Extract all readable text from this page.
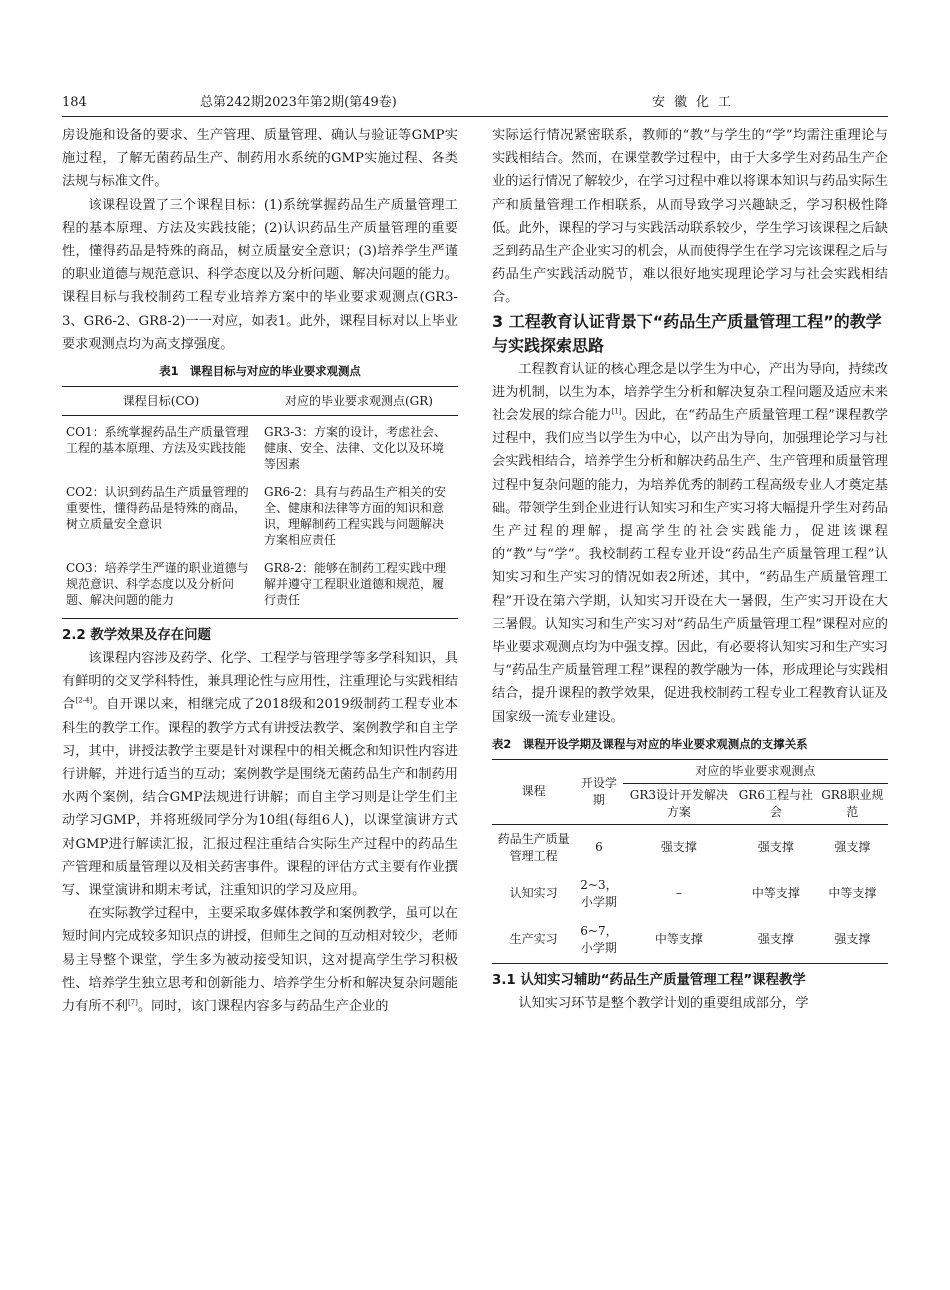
184	总第242期2023年第2期(第49卷)	安徽化工

房设施和设备的要求、生产管理、质量管理、确认与验证等GMP实施过程，了解无菌药品生产、制药用水系统的GMP实施过程、各类法规与标准文件。

该课程设置了三个课程目标：(1)系统掌握药品生产质量管理工程的基本原理、方法及实践技能；(2)认识药品生产质量管理的重要性，懂得药品是特殊的商品，树立质量安全意识；(3)培养学生严谨的职业道德与规范意识、科学态度以及分析问题、解决问题的能力。课程目标与我校制药工程专业培养方案中的毕业要求观测点(GR3-3、GR6-2、GR8-2)一一对应，如表1。此外，课程目标对以上毕业要求观测点均为高支撑强度。

表1　课程目标与对应的毕业要求观测点
课程目标(CO)	对应的毕业要求观测点(GR)
CO1：系统掌握药品生产质量管理工程的基本原理、方法及实践技能	GR3-3：方案的设计，考虑社会、健康、安全、法律、文化以及环境等因素
CO2：认识到药品生产质量管理的重要性，懂得药品是特殊的商品，树立质量安全意识	GR6-2：具有与药品生产相关的安全、健康和法律等方面的知识和意识，理解制药工程实践与问题解决方案相应责任
CO3：培养学生严谨的职业道德与规范意识、科学态度以及分析问题、解决问题的能力	GR8-2：能够在制药工程实践中理解并遵守工程职业道德和规范，履行责任
2.2 教学效果及存在问题

该课程内容涉及药学、化学、工程学与管理学等多学科知识，具有鲜明的交叉学科特性，兼具理论性与应用性，注重理论与实践相结合[2-4]。自开课以来，相继完成了2018级和2019级制药工程专业本科生的教学工作。课程的教学方式有讲授法教学、案例教学和自主学习，其中，讲授法教学主要是针对课程中的相关概念和知识性内容进行讲解，并进行适当的互动；案例教学是围绕无菌药品生产和制药用水两个案例，结合GMP法规进行讲解；而自主学习则是让学生们主动学习GMP，并将班级同学分为10组(每组6人)，以课堂演讲方式对GMP进行解读汇报，汇报过程注重结合实际生产过程中的药品生产管理和质量管理以及相关药害事件。课程的评估方式主要有作业撰写、课堂演讲和期末考试，注重知识的学习及应用。

在实际教学过程中，主要采取多媒体教学和案例教学，虽可以在短时间内完成较多知识点的讲授，但师生之间的互动相对较少，老师易主导整个课堂，学生多为被动接受知识，这对提高学生学习积极性、培养学生独立思考和创新能力、培养学生分析和解决复杂问题能力有所不利[7]。同时，该门课程内容多与药品生产企业的

实际运行情况紧密联系，教师的“教”与学生的“学”均需注重理论与实践相结合。然而，在课堂教学过程中，由于大多学生对药品生产企业的运行情况了解较少，在学习过程中难以将课本知识与药品实际生产和质量管理工作相联系，从而导致学习兴趣缺乏，学习积极性降低。此外，课程的学习与实践活动联系较少，学生学习该课程之后缺乏到药品生产企业实习的机会，从而使得学生在学习完该课程之后与药品生产实践活动脱节，难以很好地实现理论学习与社会实践相结合。

3 工程教育认证背景下“药品生产质量管理工程”的教学与实践探索思路

工程教育认证的核心理念是以学生为中心，产出为导向，持续改进为机制，以生为本，培养学生分析和解决复杂工程问题及适应未来社会发展的综合能力[1]。因此，在“药品生产质量管理工程”课程教学过程中，我们应当以学生为中心，以产出为导向，加强理论学习与社会实践相结合，培养学生分析和解决药品生产、生产管理和质量管理过程中复杂问题的能力，为培养优秀的制药工程高级专业人才奠定基础。带领学生到企业进行认知实习和生产实习将大幅提升学生对药品生产过程的理解，提高学生的社会实践能力，促进该课程的“教”与“学”。我校制药工程专业开设“药品生产质量管理工程”认知实习和生产实习的情况如表2所述，其中，“药品生产质量管理工程”开设在第六学期，认知实习开设在大一暑假，生产实习开设在大三暑假。认知实习和生产实习对“药品生产质量管理工程”课程对应的毕业要求观测点均为中强支撑。因此，有必要将认知实习和生产实习与“药品生产质量管理工程”课程的教学融为一体，形成理论与实践相结合，提升课程的教学效果，促进我校制药工程专业工程教育认证及国家级一流专业建设。

表2　课程开设学期及课程与对应的毕业要求观测点的支撑关系
课程	开设学期	对应的毕业要求观测点		
		GR3设计开发解决方案	GR6工程与社会	GR8职业规范
药品生产质量管理工程	6	强支撑	强支撑	强支撑
认知实习	2~3，小学期	–	中等支撑	中等支撑
生产实习	6~7，小学期	中等支撑	强支撑	强支撑
3.1 认知实习辅助“药品生产质量管理工程”课程教学

认知实习环节是整个教学计划的重要组成部分，学
